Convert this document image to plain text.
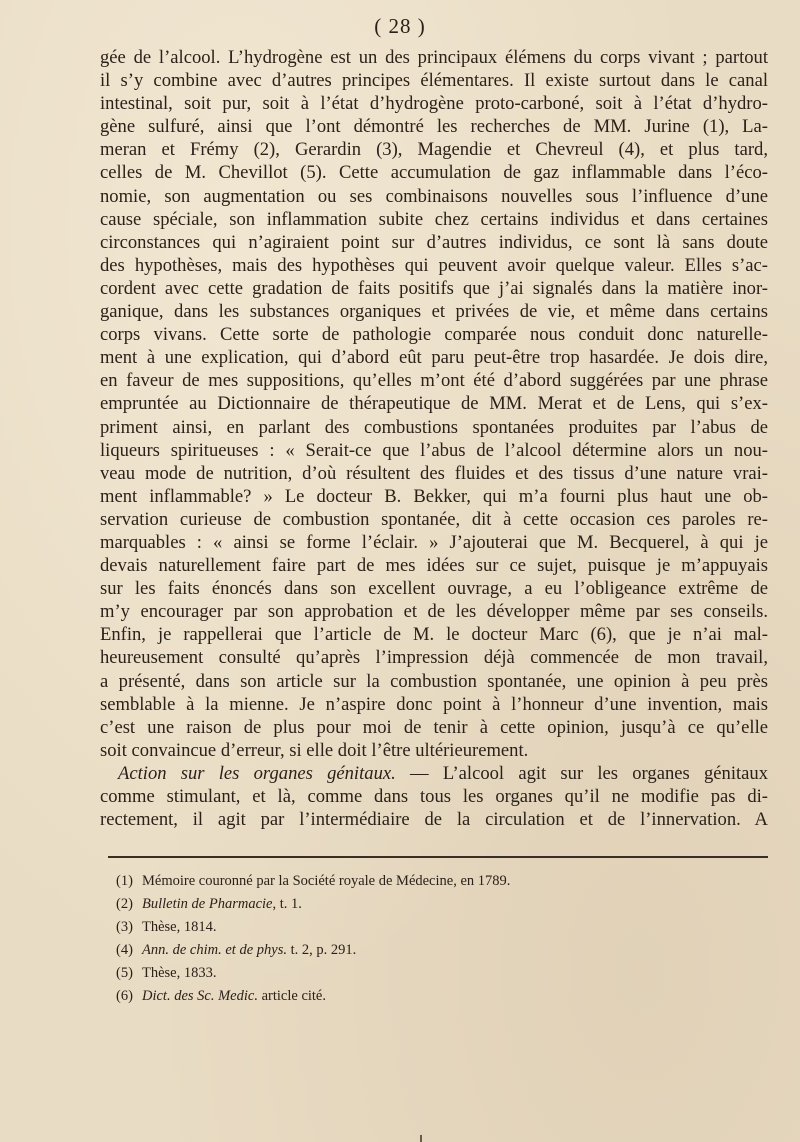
( 28 )
gée de l’alcool. L’hydrogène est un des principaux élémens du corps vivant ; partout
il s’y combine avec d’autres principes élémentares. Il existe surtout dans le canal
intestinal, soit pur, soit à l’état d’hydrogène proto-carboné, soit à l’état d’hydro-
gène sulfuré, ainsi que l’ont démontré les recherches de MM. Jurine (1), La-
meran et Frémy (2), Gerardin (3), Magendie et Chevreul (4), et plus tard,
celles de M. Chevillot (5). Cette accumulation de gaz inflammable dans l’éco-
nomie, son augmentation ou ses combinaisons nouvelles sous l’influence d’une
cause spéciale, son inflammation subite chez certains individus et dans certaines
circonstances qui n’agiraient point sur d’autres individus, ce sont là sans doute
des hypothèses, mais des hypothèses qui peuvent avoir quelque valeur. Elles s’ac-
cordent avec cette gradation de faits positifs que j’ai signalés dans la matière inor-
ganique, dans les substances organiques et privées de vie, et même dans certains
corps vivans. Cette sorte de pathologie comparée nous conduit donc naturelle-
ment à une explication, qui d’abord eût paru peut-être trop hasardée. Je dois dire,
en faveur de mes suppositions, qu’elles m’ont été d’abord suggérées par une phrase
empruntée au Dictionnaire de thérapeutique de MM. Merat et de Lens, qui s’ex-
priment ainsi, en parlant des combustions spontanées produites par l’abus de
liqueurs spiritueuses : « Serait-ce que l’abus de l’alcool détermine alors un nou-
veau mode de nutrition, d’où résultent des fluides et des tissus d’une nature vrai-
ment inflammable? » Le docteur B. Bekker, qui m’a fourni plus haut une ob-
servation curieuse de combustion spontanée, dit à cette occasion ces paroles re-
marquables : « ainsi se forme l’éclair. » J’ajouterai que M. Becquerel, à qui je
devais naturellement faire part de mes idées sur ce sujet, puisque je m’appuyais
sur les faits énoncés dans son excellent ouvrage, a eu l’obligeance extrême de
m’y encourager par son approbation et de les développer même par ses conseils.
Enfin, je rappellerai que l’article de M. le docteur Marc (6), que je n’ai mal-
heureusement consulté qu’après l’impression déjà commencée de mon travail,
a présenté, dans son article sur la combustion spontanée, une opinion à peu près
semblable à la mienne. Je n’aspire donc point à l’honneur d’une invention, mais
c’est une raison de plus pour moi de tenir à cette opinion, jusqu’à ce qu’elle
soit convaincue d’erreur, si elle doit l’être ultérieurement.
Action sur les organes génitaux. — L’alcool agit sur les organes génitaux
comme stimulant, et là, comme dans tous les organes qu’il ne modifie pas di-
rectement, il agit par l’intermédiaire de la circulation et de l’innervation. A
(1) Mémoire couronné par la Société royale de Médecine, en 1789.
(2) Bulletin de Pharmacie, t. 1.
(3) Thèse, 1814.
(4) Ann. de chim. et de phys. t. 2, p. 291.
(5) Thèse, 1833.
(6) Dict. des Sc. Medic. article cité.
